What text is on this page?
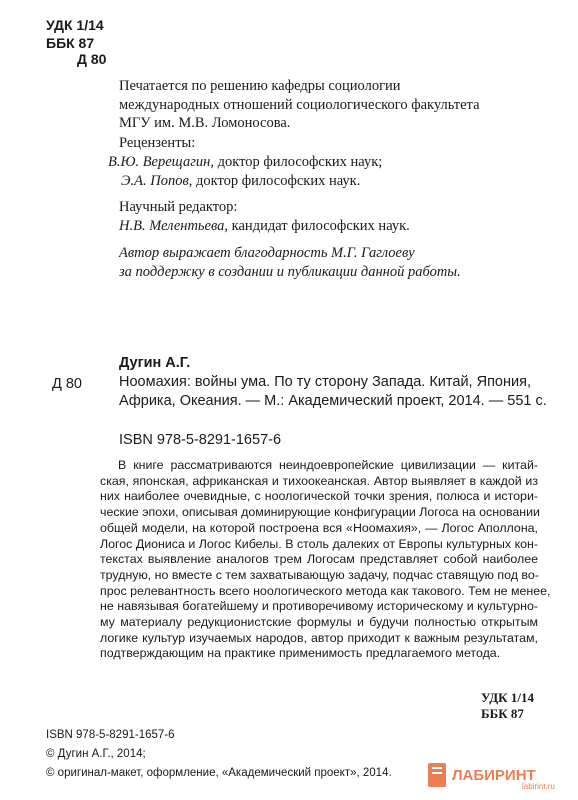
УДК 1/14
ББК 87
Д 80
Печатается по решению кафедры социологии
международных отношений социологического факультета
МГУ им. М.В. Ломоносова.
Рецензенты:
В.Ю. Верещагин, доктор философских наук;
Э.А. Попов, доктор философских наук.
Научный редактор:
Н.В. Мелентьева, кандидат философских наук.
Автор выражает благодарность М.Г. Гаглоеву
за поддержку в создании и публикации данной работы.
Дугин А.Г.
Д 80	Ноомахия: войны ума. По ту сторону Запада. Китай, Япония,
Африка, Океания. — М.: Академический проект, 2014. — 551 с.
ISBN 978-5-8291-1657-6
В книге рассматриваются неиндоевропейские цивилизации — китай-
ская, японская, африканская и тихоокеанская. Автор выявляет в каждой из
них наиболее очевидные, с ноологической точки зрения, полюса и истори-
ческие эпохи, описывая доминирующие конфигурации Логоса на основании
общей модели, на которой построена вся «Ноомахия», — Логос Аполлона,
Логос Диониса и Логос Кибелы. В столь далеких от Европы культурных кон-
текстах выявление аналогов трем Логосам представляет собой наиболее
трудную, но вместе с тем захватывающую задачу, подчас ставящую под во-
прос релевантность всего ноологического метода как такового. Тем не менее,
не навязывая богатейшему и противоречивому историческому и культурно-
му материалу редукционистские формулы и будучи полностью открытым
логике культур изучаемых народов, автор приходит к важным результатам,
подтверждающим на практике применимость предлагаемого метода.
УДК 1/14
ББК 87
ISBN 978-5-8291-1657-6
© Дугин А.Г., 2014;
© оригинал-макет, оформление, «Академический проект», 2014.	ЛАБИРИНТ
labirint.ru
